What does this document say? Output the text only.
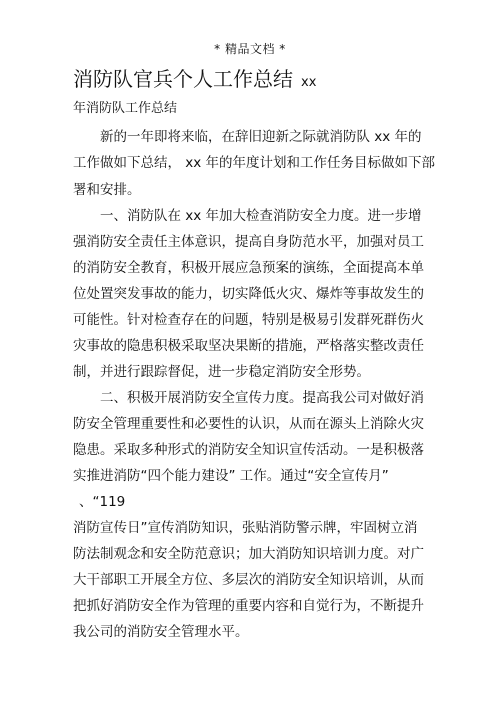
* 精品文档 *
消防队官兵个人工作总结 xx
年消防队工作总结
新的一年即将来临，在辞旧迎新之际就消防队 xx 年的
工作做如下总结， xx 年的年度计划和工作任务目标做如下部
署和安排。
一、消防队在 xx 年加大检查消防安全力度。进一步增
强消防安全责任主体意识，提高自身防范水平，加强对员工
的消防安全教育，积极开展应急预案的演练，全面提高本单
位处置突发事故的能力，切实降低火灾、爆炸等事故发生的
可能性。针对检查存在的问题，特别是极易引发群死群伤火
灾事故的隐患积极采取坚决果断的措施，严格落实整改责任
制，并进行跟踪督促，进一步稳定消防安全形势。
二、积极开展消防安全宣传力度。提高我公司对做好消
防安全管理重要性和必要性的认识，从而在源头上消除火灾
隐患。采取多种形式的消防安全知识宣传活动。一是积极落
实推进消防“四个能力建设” 工作。通过“安全宣传月”
、“119
消防宣传日”宣传消防知识，张贴消防警示牌，牢固树立消
防法制观念和安全防范意识；加大消防知识培训力度。对广
大干部职工开展全方位、多层次的消防安全知识培训，从而
把抓好消防安全作为管理的重要内容和自觉行为，不断提升
我公司的消防安全管理水平。
